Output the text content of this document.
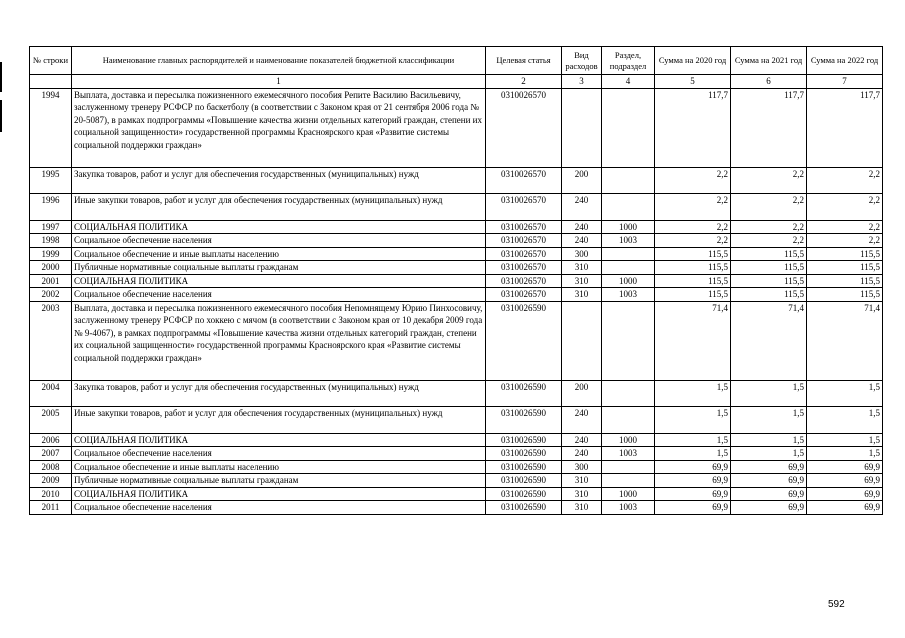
№ строки	Наименование главных распорядителей и наименование показателей бюджетной классификации	Целевая статья	Вид расходов	Раздел, подраздел	Сумма на 2020 год	Сумма на 2021 год	Сумма на 2022 год
	1	2	3	4	5	6	7
1994	Выплата, доставка и пересылка пожизненного ежемесячного пособия Репите Василию Васильевичу, заслуженному тренеру РСФСР по баскетболу (в соответствии с Законом края от 21 сентября 2006 года № 20-5087), в рамках подпрограммы «Повышение качества жизни отдельных категорий граждан, степени их социальной защищенности» государственной программы Красноярского края «Развитие системы социальной поддержки граждан»	0310026570			117,7	117,7	117,7
1995	Закупка товаров, работ и услуг для обеспечения государственных (муниципальных) нужд	0310026570	200		2,2	2,2	2,2
1996	Иные закупки товаров, работ и услуг для обеспечения государственных (муниципальных) нужд	0310026570	240		2,2	2,2	2,2
1997	СОЦИАЛЬНАЯ ПОЛИТИКА	0310026570	240	1000	2,2	2,2	2,2
1998	Социальное обеспечение населения	0310026570	240	1003	2,2	2,2	2,2
1999	Социальное обеспечение и иные выплаты населению	0310026570	300		115,5	115,5	115,5
2000	Публичные нормативные социальные выплаты гражданам	0310026570	310		115,5	115,5	115,5
2001	СОЦИАЛЬНАЯ ПОЛИТИКА	0310026570	310	1000	115,5	115,5	115,5
2002	Социальное обеспечение населения	0310026570	310	1003	115,5	115,5	115,5
2003	Выплата, доставка и пересылка пожизненного ежемесячного пособия Непомнящему Юрию Пинхосовичу, заслуженному тренеру РСФСР по хоккею с мячом (в соответствии с Законом края от 10 декабря 2009 года № 9-4067), в рамках подпрограммы «Повышение качества жизни отдельных категорий граждан, степени их социальной защищенности» государственной программы Красноярского края «Развитие системы социальной поддержки граждан»	0310026590			71,4	71,4	71,4
2004	Закупка товаров, работ и услуг для обеспечения государственных (муниципальных) нужд	0310026590	200		1,5	1,5	1,5
2005	Иные закупки товаров, работ и услуг для обеспечения государственных (муниципальных) нужд	0310026590	240		1,5	1,5	1,5
2006	СОЦИАЛЬНАЯ ПОЛИТИКА	0310026590	240	1000	1,5	1,5	1,5
2007	Социальное обеспечение населения	0310026590	240	1003	1,5	1,5	1,5
2008	Социальное обеспечение и иные выплаты населению	0310026590	300		69,9	69,9	69,9
2009	Публичные нормативные социальные выплаты гражданам	0310026590	310		69,9	69,9	69,9
2010	СОЦИАЛЬНАЯ ПОЛИТИКА	0310026590	310	1000	69,9	69,9	69,9
2011	Социальное обеспечение населения	0310026590	310	1003	69,9	69,9	69,9
592
